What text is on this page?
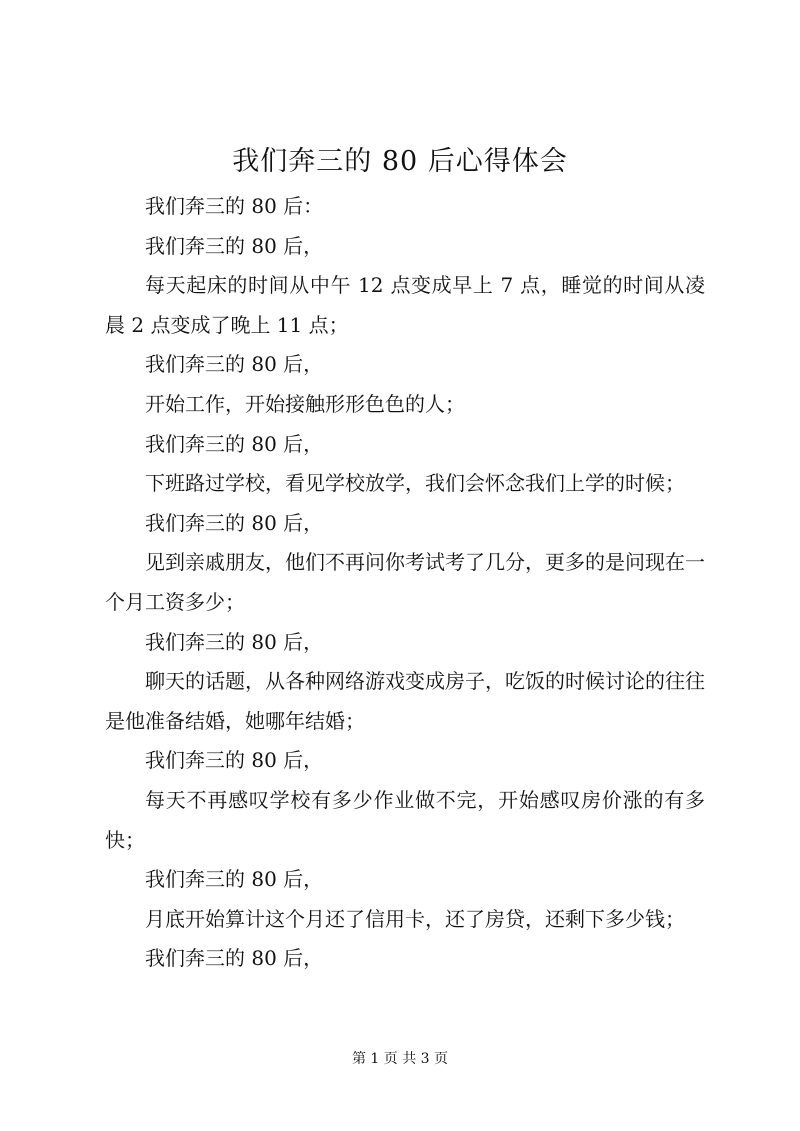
我们奔三的 80 后心得体会

我们奔三的 80 后：

我们奔三的 80 后，

每天起床的时间从中午 12 点变成早上 7 点，睡觉的时间从凌晨 2 点变成了晚上 11 点；

我们奔三的 80 后，

开始工作，开始接触形形色色的人；

我们奔三的 80 后，

下班路过学校，看见学校放学，我们会怀念我们上学的时候；

我们奔三的 80 后，

见到亲戚朋友，他们不再问你考试考了几分，更多的是问现在一个月工资多少；

我们奔三的 80 后，

聊天的话题，从各种网络游戏变成房子，吃饭的时候讨论的往往是他准备结婚，她哪年结婚；

我们奔三的 80 后，

每天不再感叹学校有多少作业做不完，开始感叹房价涨的有多快；

我们奔三的 80 后，

月底开始算计这个月还了信用卡，还了房贷，还剩下多少钱；

我们奔三的 80 后，

第 1 页 共 3 页
